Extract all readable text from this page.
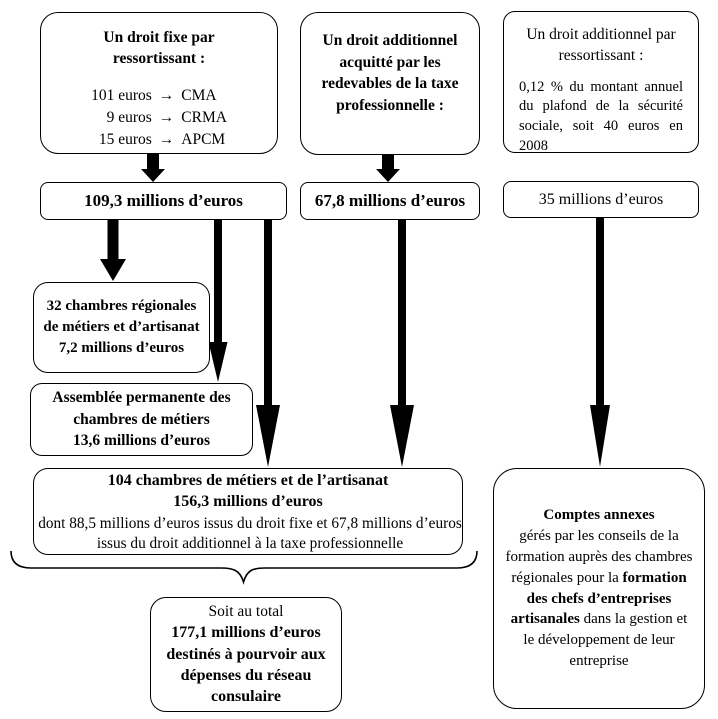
Un droit fixe par ressortissant :
101 euros → CMA
9 euros → CRMA
15 euros → APCM
Un droit additionnel acquitté par les redevables de la taxe professionnelle :
Un droit additionnel par ressortissant :
0,12 % du montant annuel du plafond de la sécurité sociale, soit 40 euros en 2008
109,3 millions d’euros	67,8 millions d’euros	35 millions d’euros
32 chambres régionales de métiers et d’artisanat
7,2 millions d’euros
Assemblée permanente des chambres de métiers
13,6 millions d’euros
104 chambres de métiers et de l’artisanat
156,3 millions d’euros
dont 88,5 millions d’euros issus du droit fixe et 67,8 millions d’euros issus du droit additionnel à la taxe professionnelle
Soit au total
177,1 millions d’euros destinés à pourvoir aux dépenses du réseau consulaire
Comptes annexes
gérés par les conseils de la formation auprès des chambres régionales pour la formation des chefs d’entreprises artisanales dans la gestion et le développement de leur entreprise
